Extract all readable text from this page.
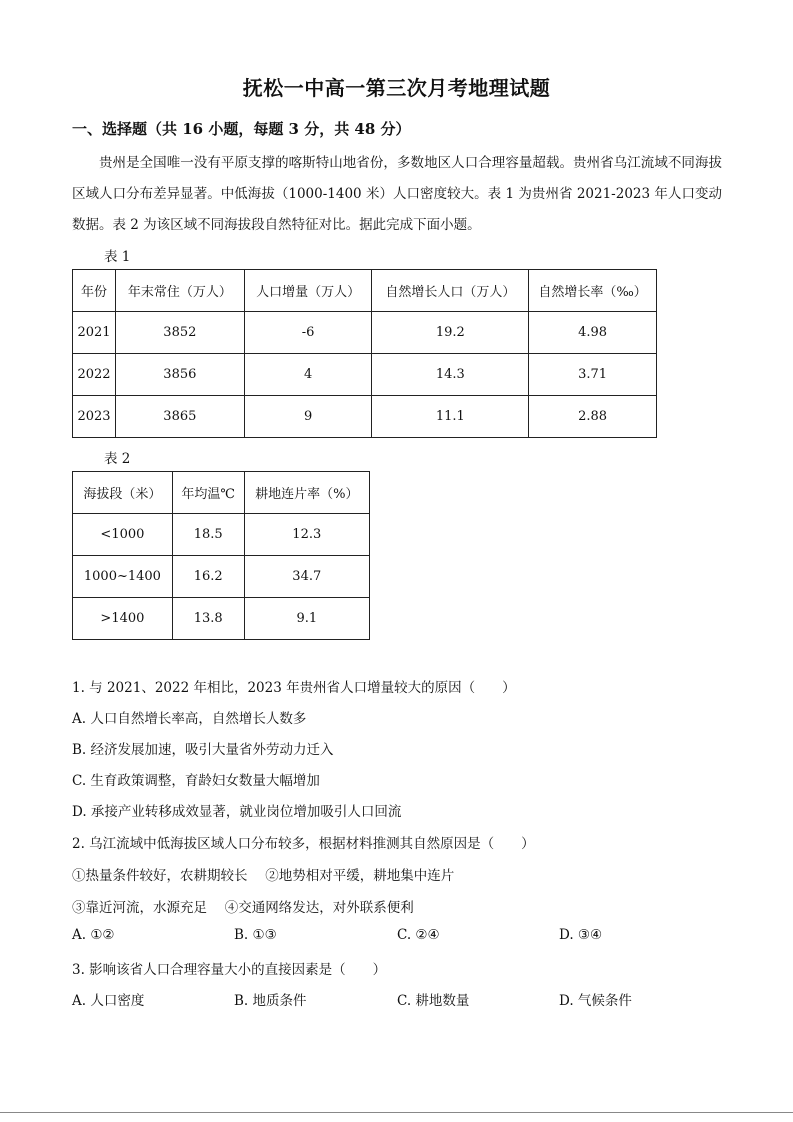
抚松一中高一第三次月考地理试题
一、选择题（共 16 小题，每题 3 分，共 48 分）
贵州是全国唯一没有平原支撑的喀斯特山地省份，多数地区人口合理容量超载。贵州省乌江流域不同海拔区域人口分布差异显著。中低海拔（1000-1400 米）人口密度较大。表 1 为贵州省 2021-2023 年人口变动数据。表 2 为该区域不同海拔段自然特征对比。据此完成下面小题。
表 1
年份	年末常住（万人）	人口增量（万人）	自然增长人口（万人）	自然增长率（‰）
2021	3852	-6	19.2	4.98
2022	3856	4	14.3	3.71
2023	3865	9	11.1	2.88
表 2
海拔段（米）	年均温℃	耕地连片率（%）
<1000	18.5	12.3
1000~1400	16.2	34.7
>1400	13.8	9.1
1. 与 2021、2022 年相比，2023 年贵州省人口增量较大的原因（　　）
A. 人口自然增长率高，自然增长人数多
B. 经济发展加速，吸引大量省外劳动力迁入
C. 生育政策调整，育龄妇女数量大幅增加
D. 承接产业转移成效显著，就业岗位增加吸引人口回流
2. 乌江流域中低海拔区域人口分布较多，根据材料推测其自然原因是（　　）
①热量条件较好，农耕期较长　 ②地势相对平缓，耕地集中连片
③靠近河流，水源充足　 ④交通网络发达，对外联系便利
A. ①②	B. ①③	C. ②④	D. ③④
3. 影响该省人口合理容量大小的直接因素是（　　）
A. 人口密度	B. 地质条件	C. 耕地数量	D. 气候条件
